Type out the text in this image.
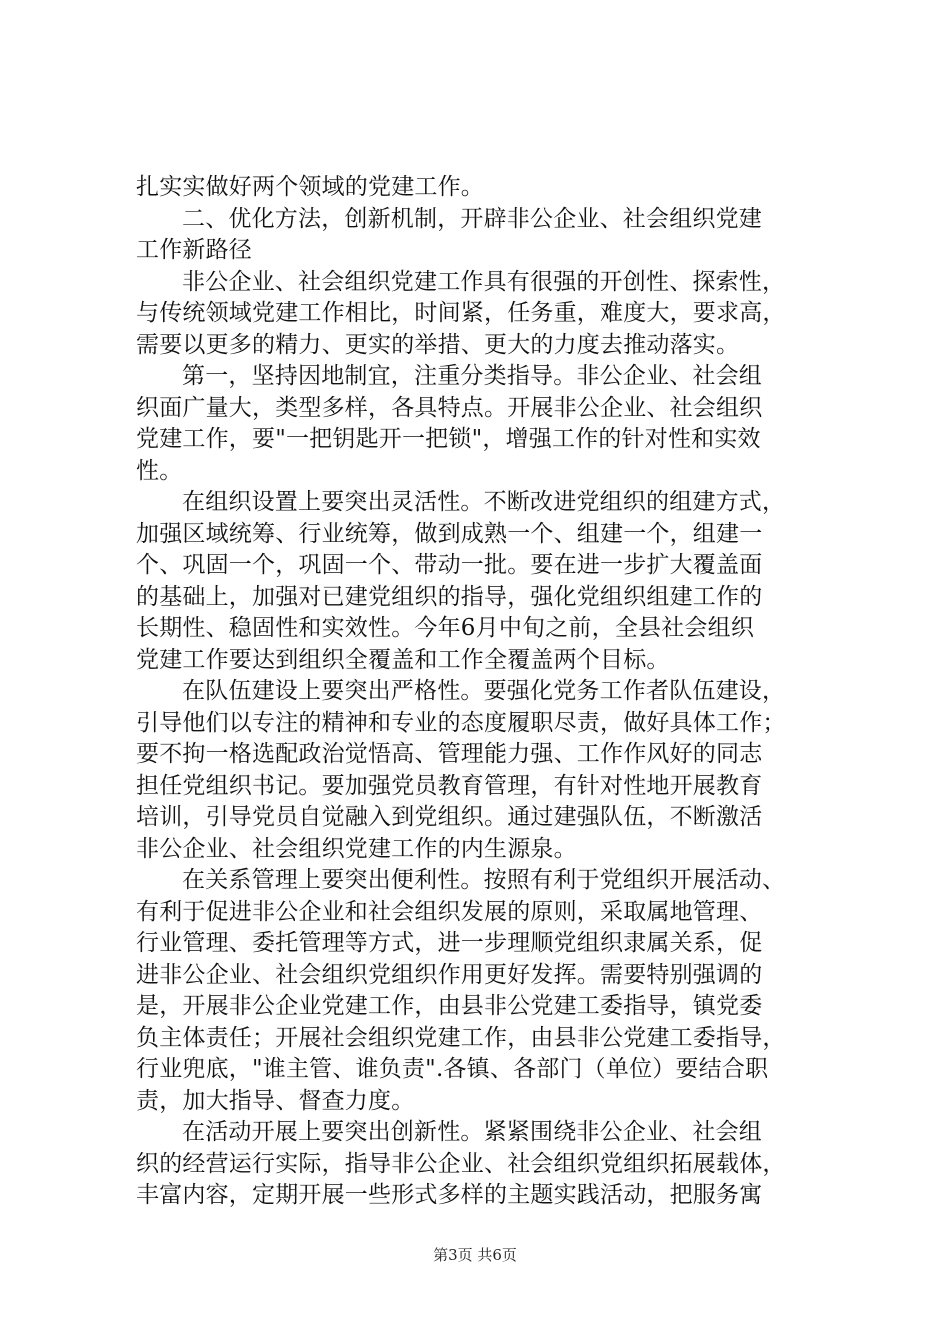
扎实实做好两个领域的党建工作。
二、优化方法，创新机制，开辟非公企业、社会组织党建
工作新路径
非公企业、社会组织党建工作具有很强的开创性、探索性，
与传统领域党建工作相比，时间紧，任务重，难度大，要求高，
需要以更多的精力、更实的举措、更大的力度去推动落实。
第一，坚持因地制宜，注重分类指导。非公企业、社会组
织面广量大，类型多样，各具特点。开展非公企业、社会组织
党建工作，要"一把钥匙开一把锁"，增强工作的针对性和实效
性。
在组织设置上要突出灵活性。不断改进党组织的组建方式，
加强区域统筹、行业统筹，做到成熟一个、组建一个，组建一
个、巩固一个，巩固一个、带动一批。要在进一步扩大覆盖面
的基础上，加强对已建党组织的指导，强化党组织组建工作的
长期性、稳固性和实效性。今年6月中旬之前，全县社会组织
党建工作要达到组织全覆盖和工作全覆盖两个目标。
在队伍建设上要突出严格性。要强化党务工作者队伍建设，
引导他们以专注的精神和专业的态度履职尽责，做好具体工作；
要不拘一格选配政治觉悟高、管理能力强、工作作风好的同志
担任党组织书记。要加强党员教育管理，有针对性地开展教育
培训，引导党员自觉融入到党组织。通过建强队伍，不断激活
非公企业、社会组织党建工作的内生源泉。
在关系管理上要突出便利性。按照有利于党组织开展活动、
有利于促进非公企业和社会组织发展的原则，采取属地管理、
行业管理、委托管理等方式，进一步理顺党组织隶属关系，促
进非公企业、社会组织党组织作用更好发挥。需要特别强调的
是，开展非公企业党建工作，由县非公党建工委指导，镇党委
负主体责任；开展社会组织党建工作，由县非公党建工委指导，
行业兜底，"谁主管、谁负责".各镇、各部门（单位）要结合职
责，加大指导、督查力度。
在活动开展上要突出创新性。紧紧围绕非公企业、社会组
织的经营运行实际，指导非公企业、社会组织党组织拓展载体，
丰富内容，定期开展一些形式多样的主题实践活动，把服务寓
第3页 共6页
